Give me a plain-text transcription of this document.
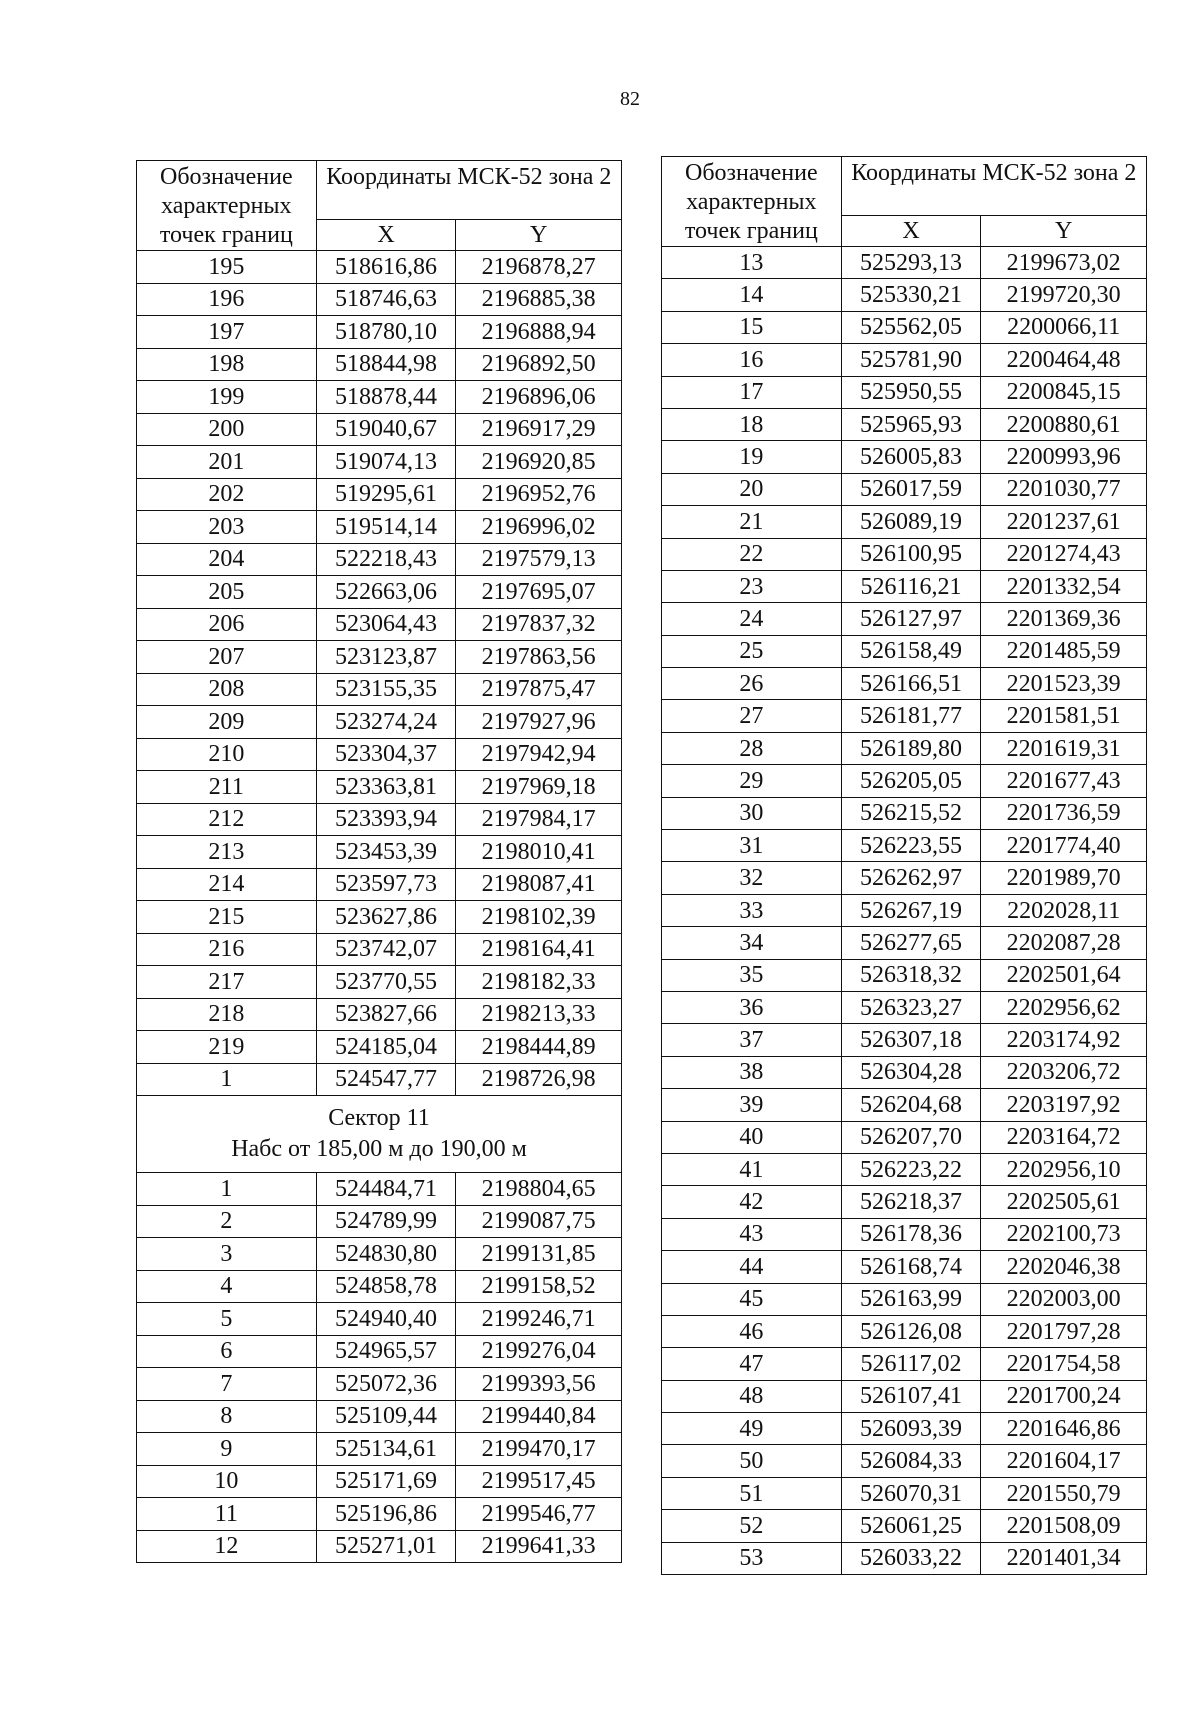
82
Обозначение характерных точек границ	Координаты МСК-52 зона 2	
	X	Y
195	518616,86	2196878,27
196	518746,63	2196885,38
197	518780,10	2196888,94
198	518844,98	2196892,50
199	518878,44	2196896,06
200	519040,67	2196917,29
201	519074,13	2196920,85
202	519295,61	2196952,76
203	519514,14	2196996,02
204	522218,43	2197579,13
205	522663,06	2197695,07
206	523064,43	2197837,32
207	523123,87	2197863,56
208	523155,35	2197875,47
209	523274,24	2197927,96
210	523304,37	2197942,94
211	523363,81	2197969,18
212	523393,94	2197984,17
213	523453,39	2198010,41
214	523597,73	2198087,41
215	523627,86	2198102,39
216	523742,07	2198164,41
217	523770,55	2198182,33
218	523827,66	2198213,33
219	524185,04	2198444,89
1	524547,77	2198726,98

Сектор 11
Набс от 185,00 м до 190,00 м		

1	524484,71	2198804,65
2	524789,99	2199087,75
3	524830,80	2199131,85
4	524858,78	2199158,52
5	524940,40	2199246,71
6	524965,57	2199276,04
7	525072,36	2199393,56
8	525109,44	2199440,84
9	525134,61	2199470,17
10	525171,69	2199517,45
11	525196,86	2199546,77
12	525271,01	2199641,33
Обозначение характерных точек границ	Координаты МСК-52 зона 2	
	X	Y
13	525293,13	2199673,02
14	525330,21	2199720,30
15	525562,05	2200066,11
16	525781,90	2200464,48
17	525950,55	2200845,15
18	525965,93	2200880,61
19	526005,83	2200993,96
20	526017,59	2201030,77
21	526089,19	2201237,61
22	526100,95	2201274,43
23	526116,21	2201332,54
24	526127,97	2201369,36
25	526158,49	2201485,59
26	526166,51	2201523,39
27	526181,77	2201581,51
28	526189,80	2201619,31
29	526205,05	2201677,43
30	526215,52	2201736,59
31	526223,55	2201774,40
32	526262,97	2201989,70
33	526267,19	2202028,11
34	526277,65	2202087,28
35	526318,32	2202501,64
36	526323,27	2202956,62
37	526307,18	2203174,92
38	526304,28	2203206,72
39	526204,68	2203197,92
40	526207,70	2203164,72
41	526223,22	2202956,10
42	526218,37	2202505,61
43	526178,36	2202100,73
44	526168,74	2202046,38
45	526163,99	2202003,00
46	526126,08	2201797,28
47	526117,02	2201754,58
48	526107,41	2201700,24
49	526093,39	2201646,86
50	526084,33	2201604,17
51	526070,31	2201550,79
52	526061,25	2201508,09
53	526033,22	2201401,34
